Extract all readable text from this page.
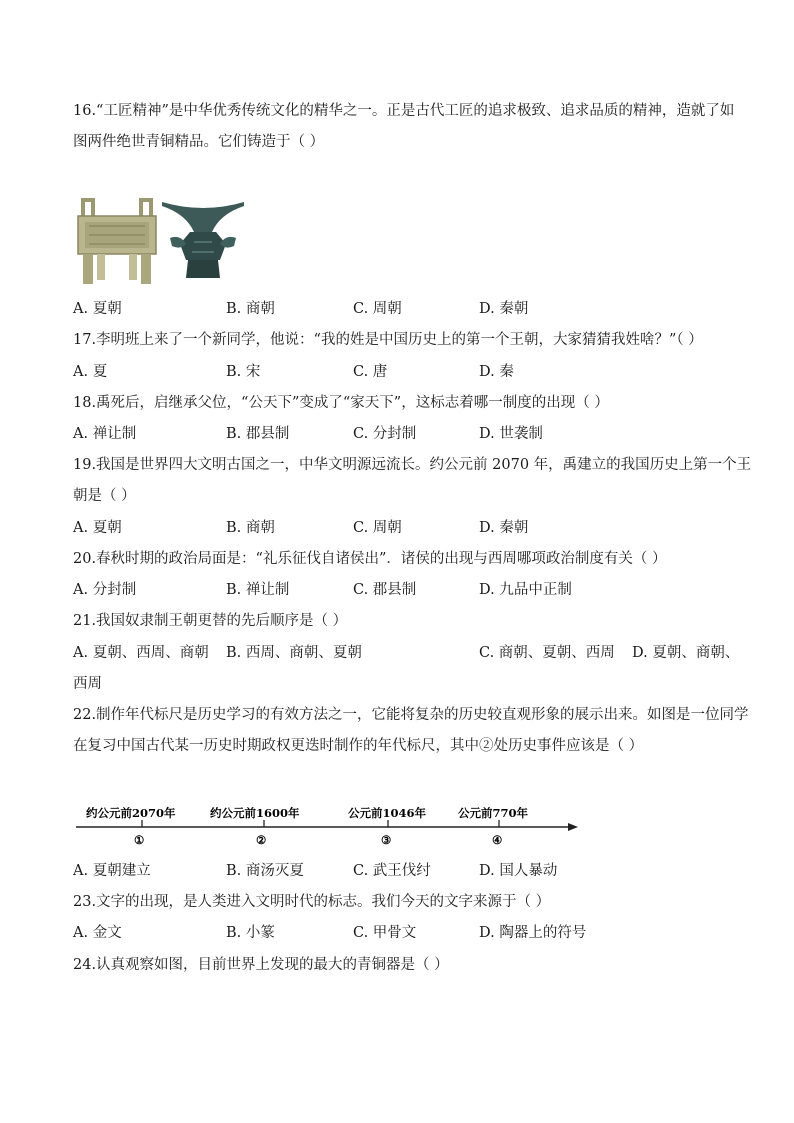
16.“工匠精神”是中华优秀传统文化的精华之一。正是古代工匠的追求极致、追求品质的精神，造就了如
图两件绝世青铜精品。它们铸造于（ ）
A. 夏朝	B. 商朝	C. 周朝	D. 秦朝
17.李明班上来了一个新同学，他说：“我的姓是中国历史上的第一个王朝，大家猜猜我姓啥？”（ ）
A. 夏	B. 宋	C. 唐	D. 秦
18.禹死后，启继承父位，“公天下”变成了“家天下”，这标志着哪一制度的出现（ ）
A. 禅让制	B. 郡县制	C. 分封制	D. 世袭制
19.我国是世界四大文明古国之一，中华文明源远流长。约公元前 2070 年，禹建立的我国历史上第一个王
朝是（ ）
A. 夏朝	B. 商朝	C. 周朝	D. 秦朝
20.春秋时期的政治局面是：“礼乐征伐自诸侯出”．诸侯的出现与西周哪项政治制度有关（ ）
A. 分封制	B. 禅让制	C. 郡县制	D. 九品中正制
21.我国奴隶制王朝更替的先后顺序是（ ）
A. 夏朝、西周、商朝 B. 西周、商朝、夏朝	C. 商朝、夏朝、西周 D. 夏朝、商朝、
西周
22.制作年代标尺是历史学习的有效方法之一，它能将复杂的历史较直观形象的展示出来。如图是一位同学
在复习中国古代某一历史时期政权更迭时制作的年代标尺，其中②处历史事件应该是（ ）
约公元前2070年	约公元前1600年	公元前1046年	公元前770年
①	②	③	④
A. 夏朝建立	B. 商汤灭夏	C. 武王伐纣	D. 国人暴动
23.文字的出现，是人类进入文明时代的标志。我们今天的文字来源于（ ）
A. 金文	B. 小篆	C. 甲骨文	D. 陶器上的符号
24.认真观察如图，目前世界上发现的最大的青铜器是（ ）
